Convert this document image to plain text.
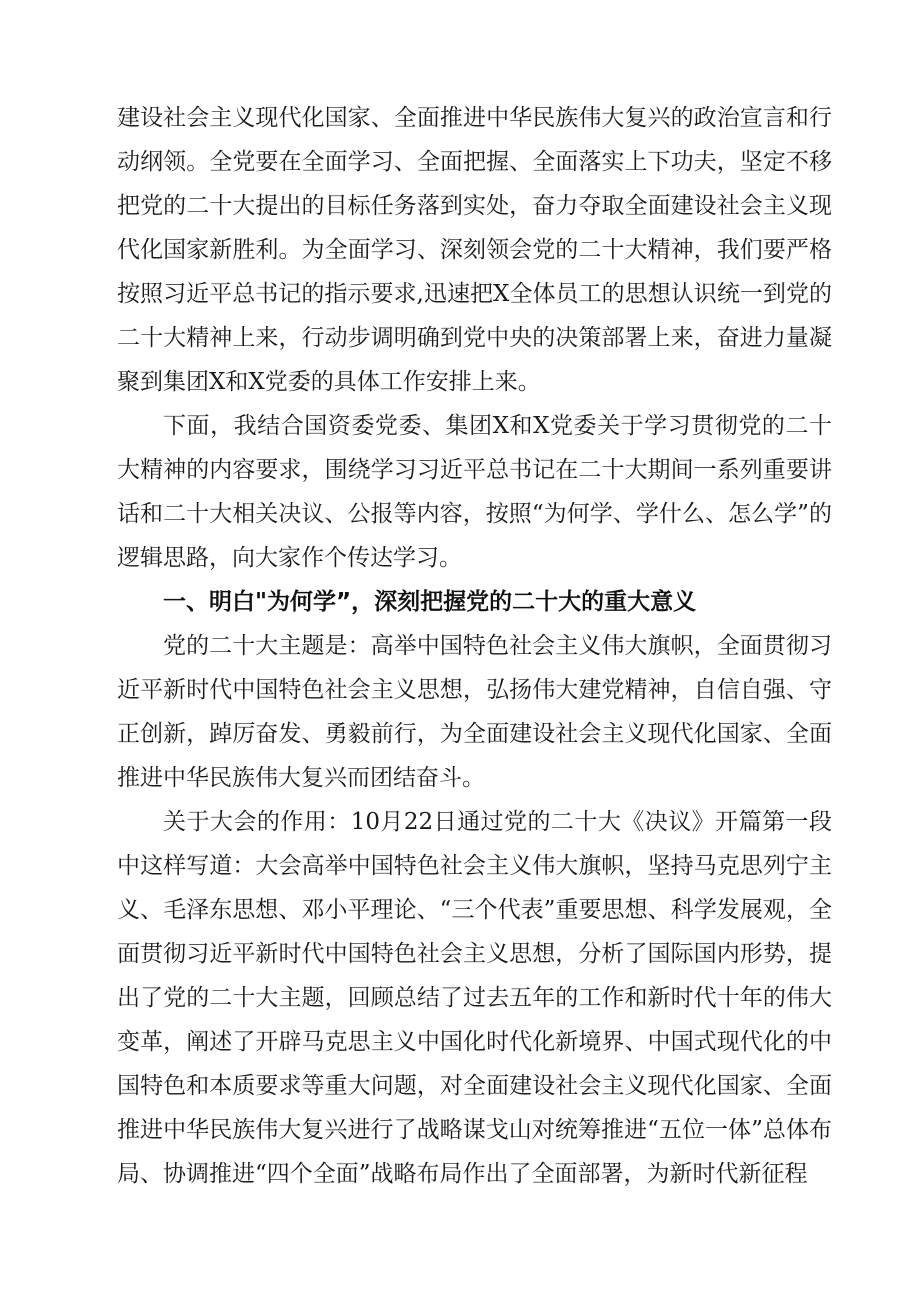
建设社会主义现代化国家、全面推进中华民族伟大复兴的政治宣言和行动纲领。全党要在全面学习、全面把握、全面落实上下功夫，坚定不移把党的二十大提出的目标任务落到实处，奋力夺取全面建设社会主义现代化国家新胜利。为全面学习、深刻领会党的二十大精神，我们要严格按照习近平总书记的指示要求,迅速把X全体员工的思想认识统一到党的二十大精神上来，行动步调明确到党中央的决策部署上来，奋进力量凝聚到集团X和X党委的具体工作安排上来。

下面，我结合国资委党委、集团X和X党委关于学习贯彻党的二十大精神的内容要求，围绕学习习近平总书记在二十大期间一系列重要讲话和二十大相关决议、公报等内容，按照“为何学、学什么、怎么学”的逻辑思路，向大家作个传达学习。

一、明白"为何学”，深刻把握党的二十大的重大意义

党的二十大主题是：高举中国特色社会主义伟大旗帜，全面贯彻习近平新时代中国特色社会主义思想，弘扬伟大建党精神，自信自强、守正创新，踔厉奋发、勇毅前行，为全面建设社会主义现代化国家、全面推进中华民族伟大复兴而团结奋斗。

关于大会的作用：10月22日通过党的二十大《决议》开篇第一段中这样写道：大会高举中国特色社会主义伟大旗帜，坚持马克思列宁主义、毛泽东思想、邓小平理论、“三个代表”重要思想、科学发展观，全面贯彻习近平新时代中国特色社会主义思想，分析了国际国内形势，提出了党的二十大主题，回顾总结了过去五年的工作和新时代十年的伟大变革，阐述了开辟马克思主义中国化时代化新境界、中国式现代化的中国特色和本质要求等重大问题，对全面建设社会主义现代化国家、全面推进中华民族伟大复兴进行了战略谋戈山对统筹推进“五位一体”总体布局、协调推进“四个全面”战略布局作出了全面部署，为新时代新征程
